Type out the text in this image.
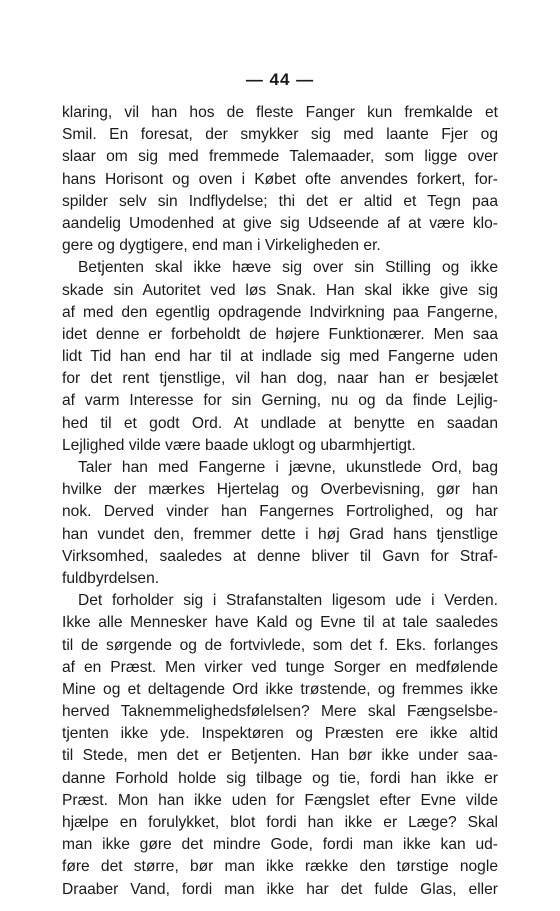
— 44 —
klaring, vil han hos de fleste Fanger kun fremkalde et
Smil. En foresat, der smykker sig med laante Fjer og
slaar om sig med fremmede Talemaader, som ligge over
hans Horisont og oven i Købet ofte anvendes forkert, for-
spilder selv sin Indflydelse; thi det er altid et Tegn paa
aandelig Umodenhed at give sig Udseende af at være klo-
gere og dygtigere, end man i Virkeligheden er.
Betjenten skal ikke hæve sig over sin Stilling og ikke
skade sin Autoritet ved løs Snak. Han skal ikke give sig
af med den egentlig opdragende Indvirkning paa Fangerne,
idet denne er forbeholdt de højere Funktionærer. Men saa
lidt Tid han end har til at indlade sig med Fangerne uden
for det rent tjenstlige, vil han dog, naar han er besjælet
af varm Interesse for sin Gerning, nu og da finde Lejlig-
hed til et godt Ord. At undlade at benytte en saadan
Lejlighed vilde være baade uklogt og ubarmhjertigt.
Taler han med Fangerne i jævne, ukunstlede Ord, bag
hvilke der mærkes Hjertelag og Overbevisning, gør han
nok. Derved vinder han Fangernes Fortrolighed, og har
han vundet den, fremmer dette i høj Grad hans tjenstlige
Virksomhed, saaledes at denne bliver til Gavn for Straf-
fuldbyrdelsen.
Det forholder sig i Strafanstalten ligesom ude i Verden.
Ikke alle Mennesker have Kald og Evne til at tale saaledes
til de sørgende og de fortvivlede, som det f. Eks. forlanges
af en Præst. Men virker ved tunge Sorger en medfølende
Mine og et deltagende Ord ikke trøstende, og fremmes ikke
herved Taknemmelighedsfølelsen? Mere skal Fængselsbe-
tjenten ikke yde. Inspektøren og Præsten ere ikke altid
til Stede, men det er Betjenten. Han bør ikke under saa-
danne Forhold holde sig tilbage og tie, fordi han ikke er
Præst. Mon han ikke uden for Fængslet efter Evne vilde
hjælpe en forulykket, blot fordi han ikke er Læge? Skal
man ikke gøre det mindre Gode, fordi man ikke kan ud-
føre det større, bør man ikke række den tørstige nogle
Draaber Vand, fordi man ikke har det fulde Glas, eller
